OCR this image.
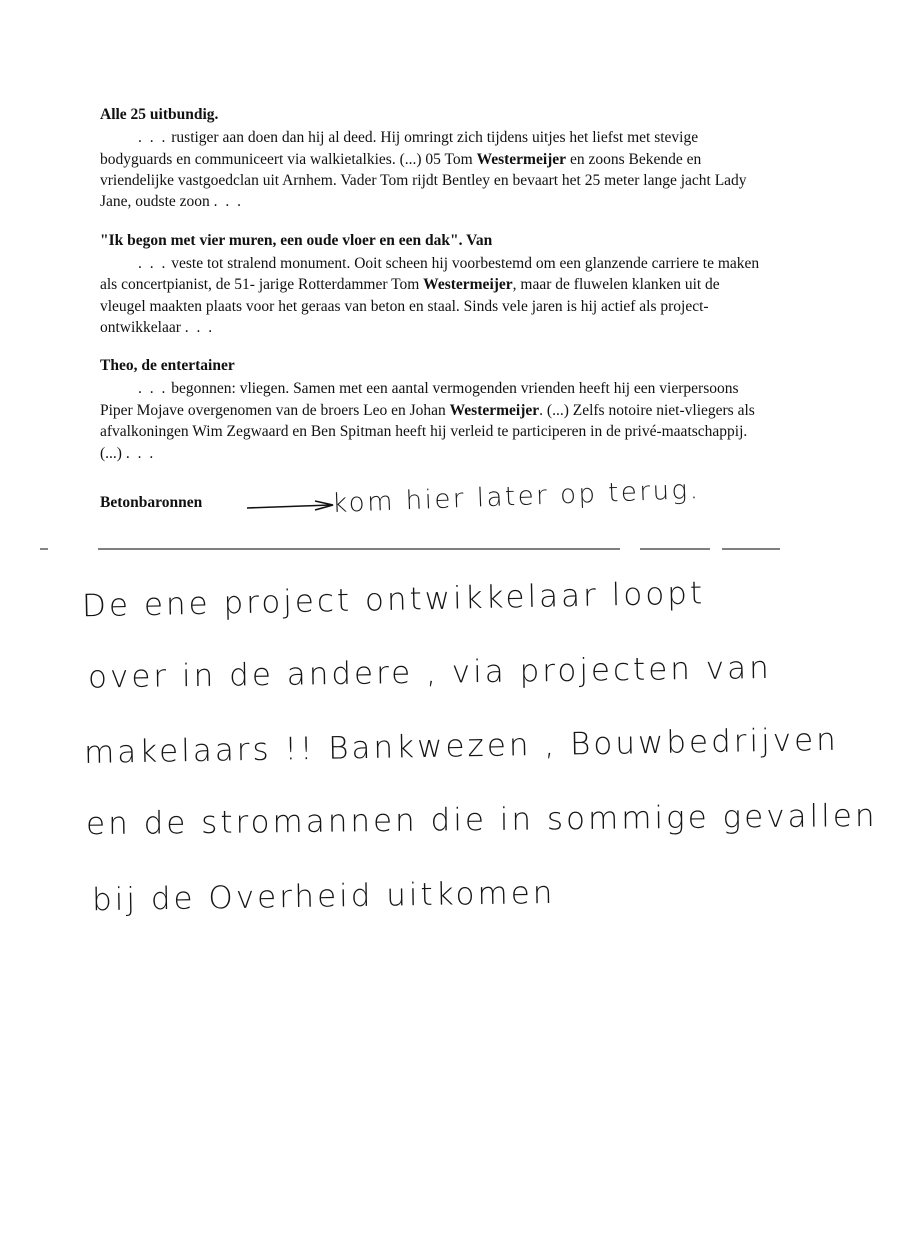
Alle 25 uitbundig.
. . . rustiger aan doen dan hij al deed. Hij omringt zich tijdens uitjes het liefst met stevige bodyguards en communiceert via walkietalkies. (...) 05 Tom Westermeijer en zoons Bekende en vriendelijke vastgoedclan uit Arnhem. Vader Tom rijdt Bentley en bevaart het 25 meter lange jacht Lady Jane, oudste zoon . . .
"Ik begon met vier muren, een oude vloer en een dak". Van
. . . veste tot stralend monument. Ooit scheen hij voorbestemd om een glanzende carriere te maken als concertpianist, de 51- jarige Rotterdammer Tom Westermeijer, maar de fluwelen klanken uit de vleugel maakten plaats voor het geraas van beton en staal. Sinds vele jaren is hij actief als project-ontwikkelaar . . .
Theo, de entertainer
. . . begonnen: vliegen. Samen met een aantal vermogenden vrienden heeft hij een vierpersoons Piper Mojave overgenomen van de broers Leo en Johan Westermeijer. (...) Zelfs notoire niet-vliegers als afvalkoningen Wim Zegwaard en Ben Spitman heeft hij verleid te participeren in de privé-maatschappij. (...) . . .
Betonbaronnen	kom hier later op terug.
De ene project ontwikkelaar loopt
over in de andere , via projecten van
makelaars !! Bankwezen , Bouwbedrijven
en de stromannen die in sommige gevallen
bij de Overheid uitkomen
